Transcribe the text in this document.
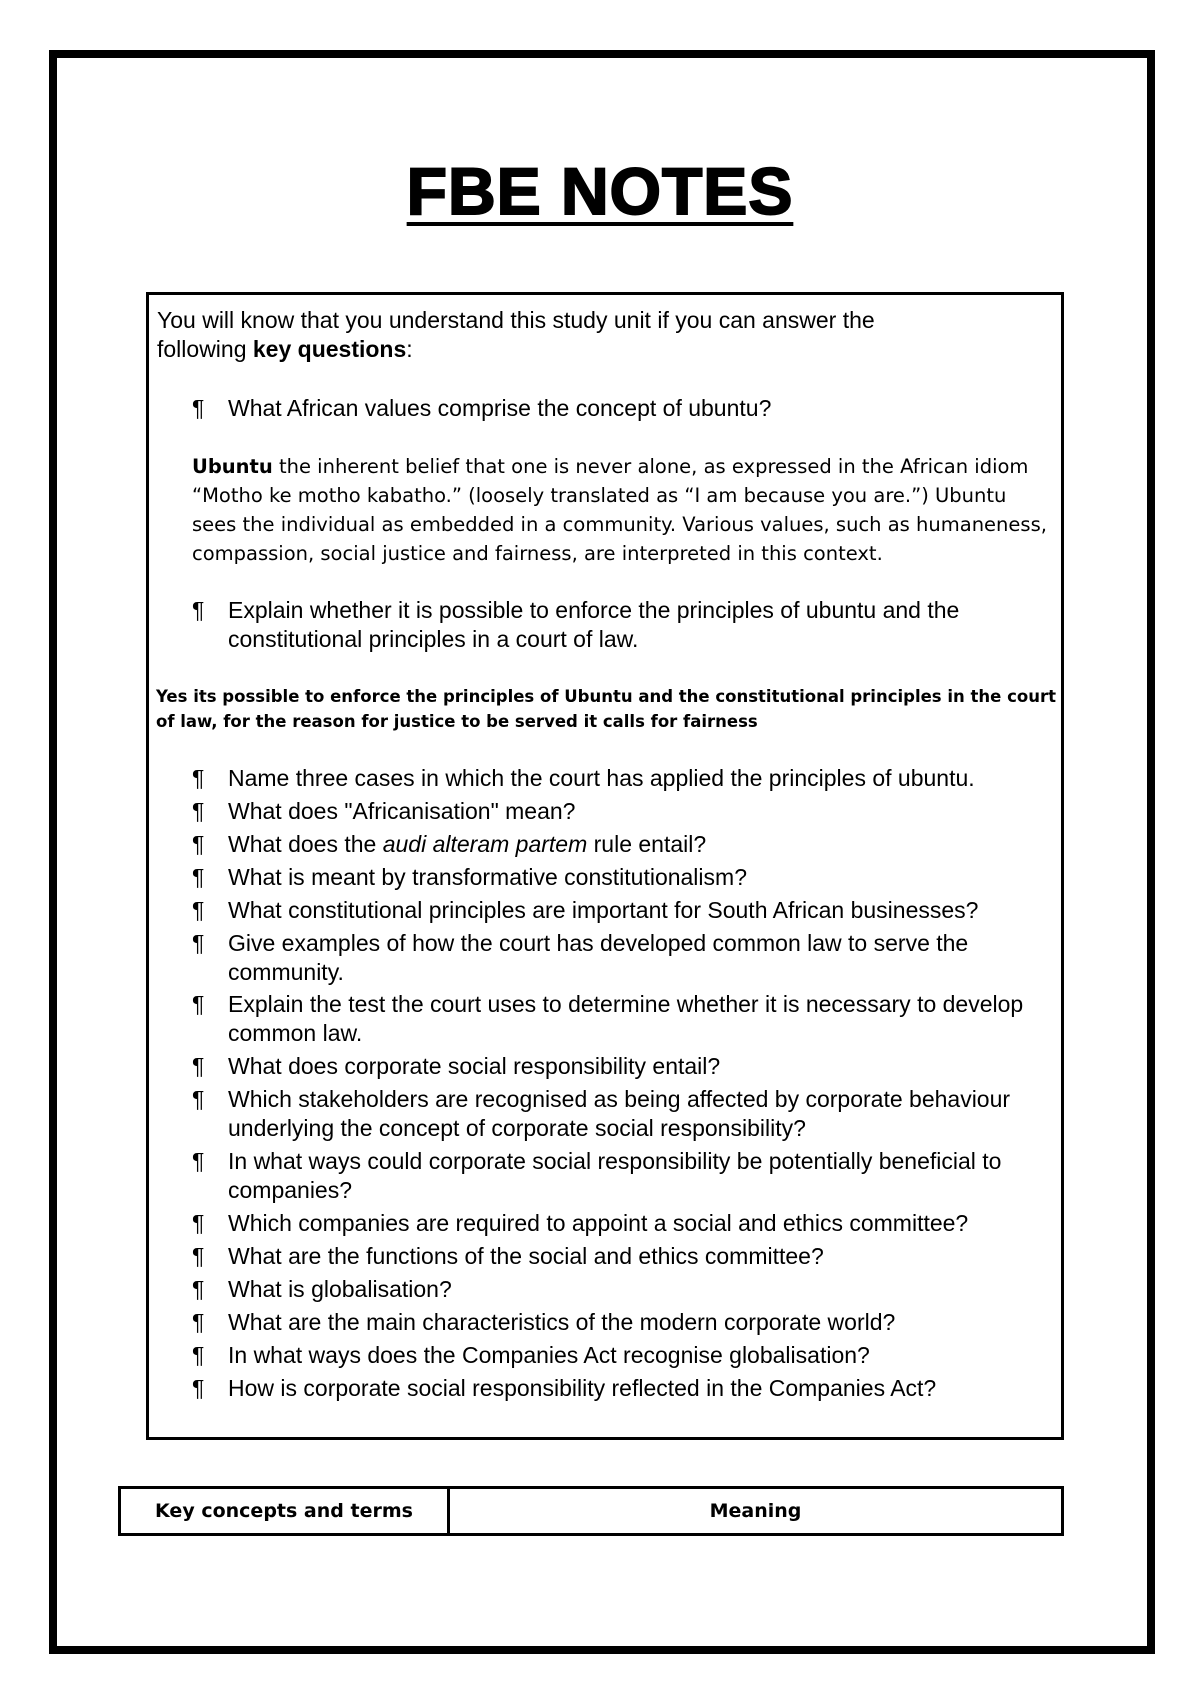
FBE NOTES
You will know that you understand this study unit if you can answer the following key questions:
¶	What African values comprise the concept of ubuntu?
Ubuntu the inherent belief that one is never alone, as expressed in the African idiom “Motho ke motho kabatho.” (loosely translated as “I am because you are.”) Ubuntu sees the individual as embedded in a community. Various values, such as humaneness, compassion, social justice and fairness, are interpreted in this context.
¶	Explain whether it is possible to enforce the principles of ubuntu and the constitutional principles in a court of law.
Yes its possible to enforce the principles of Ubuntu and the constitutional principles in the court of law, for the reason for justice to be served it calls for fairness
¶	Name three cases in which the court has applied the principles of ubuntu.
¶	What does "Africanisation" mean?
¶	What does the audi alteram partem rule entail?
¶	What is meant by transformative constitutionalism?
¶	What constitutional principles are important for South African businesses?
¶	Give examples of how the court has developed common law to serve the community.
¶	Explain the test the court uses to determine whether it is necessary to develop common law.
¶	What does corporate social responsibility entail?
¶	Which stakeholders are recognised as being affected by corporate behaviour underlying the concept of corporate social responsibility?
¶	In what ways could corporate social responsibility be potentially beneficial to companies?
¶	Which companies are required to appoint a social and ethics committee?
¶	What are the functions of the social and ethics committee?
¶	What is globalisation?
¶	What are the main characteristics of the modern corporate world?
¶	In what ways does the Companies Act recognise globalisation?
¶	How is corporate social responsibility reflected in the Companies Act?
Key concepts and terms	Meaning
